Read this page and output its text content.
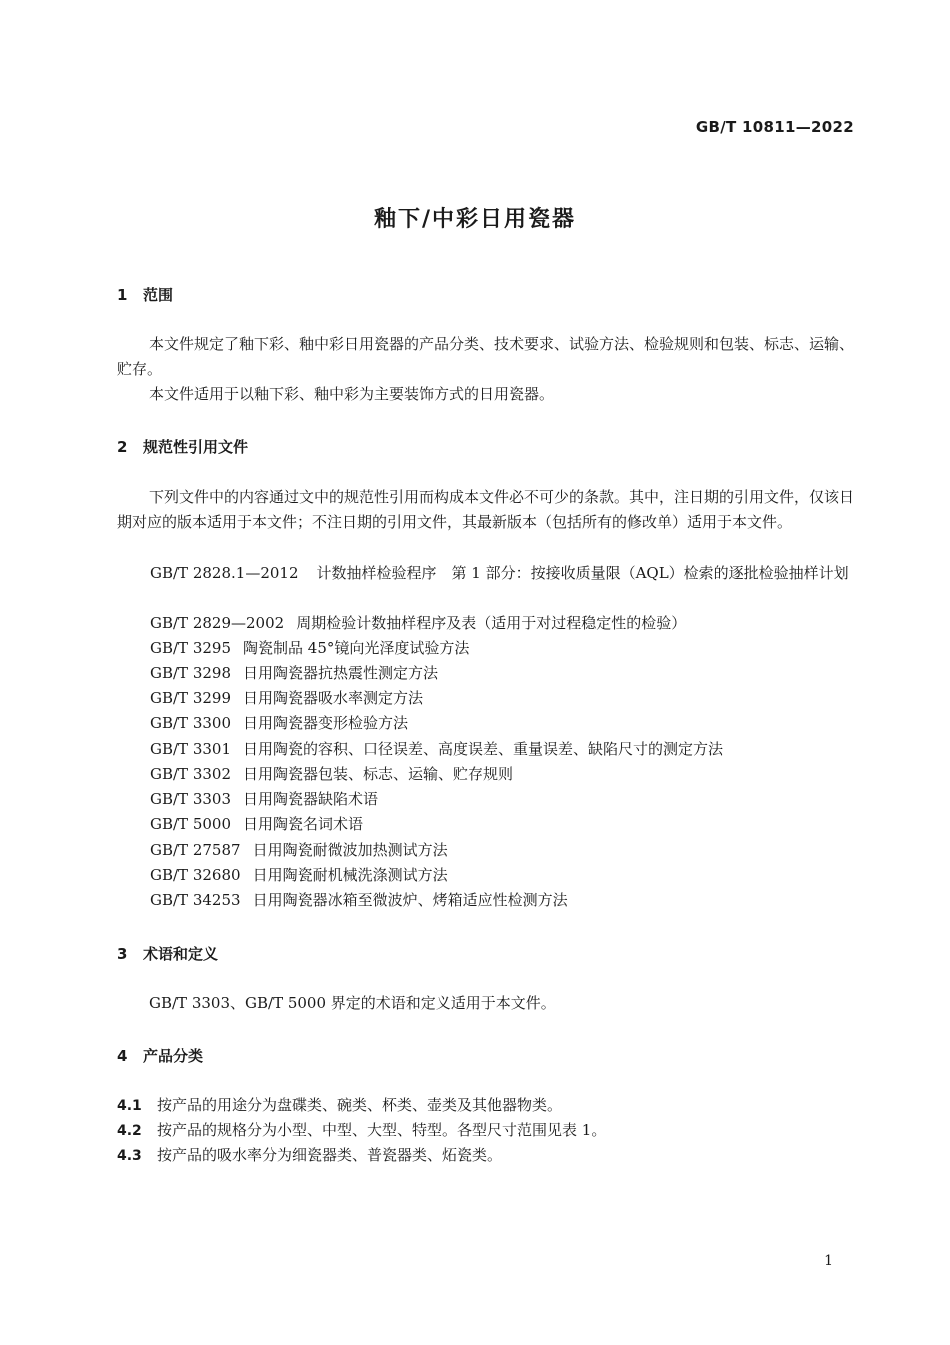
GB/T 10811—2022
釉下/中彩日用瓷器
1 范围
本文件规定了釉下彩、釉中彩日用瓷器的产品分类、技术要求、试验方法、检验规则和包装、标志、运输、贮存。
本文件适用于以釉下彩、釉中彩为主要装饰方式的日用瓷器。
2 规范性引用文件
下列文件中的内容通过文中的规范性引用而构成本文件必不可少的条款。其中，注日期的引用文件，仅该日期对应的版本适用于本文件；不注日期的引用文件，其最新版本（包括所有的修改单）适用于本文件。
GB/T 2828.1—2012 计数抽样检验程序　第 1 部分：按接收质量限（AQL）检索的逐批检验抽样计划
GB/T 2829—2002 周期检验计数抽样程序及表（适用于对过程稳定性的检验）
GB/T 3295 陶瓷制品 45°镜向光泽度试验方法
GB/T 3298 日用陶瓷器抗热震性测定方法
GB/T 3299 日用陶瓷器吸水率测定方法
GB/T 3300 日用陶瓷器变形检验方法
GB/T 3301 日用陶瓷的容积、口径误差、高度误差、重量误差、缺陷尺寸的测定方法
GB/T 3302 日用陶瓷器包装、标志、运输、贮存规则
GB/T 3303 日用陶瓷器缺陷术语
GB/T 5000 日用陶瓷名词术语
GB/T 27587 日用陶瓷耐微波加热测试方法
GB/T 32680 日用陶瓷耐机械洗涤测试方法
GB/T 34253 日用陶瓷器冰箱至微波炉、烤箱适应性检测方法
3 术语和定义
GB/T 3303、GB/T 5000 界定的术语和定义适用于本文件。
4 产品分类
4.1 按产品的用途分为盘碟类、碗类、杯类、壶类及其他器物类。
4.2 按产品的规格分为小型、中型、大型、特型。各型尺寸范围见表 1。
4.3 按产品的吸水率分为细瓷器类、普瓷器类、炻瓷类。
1
